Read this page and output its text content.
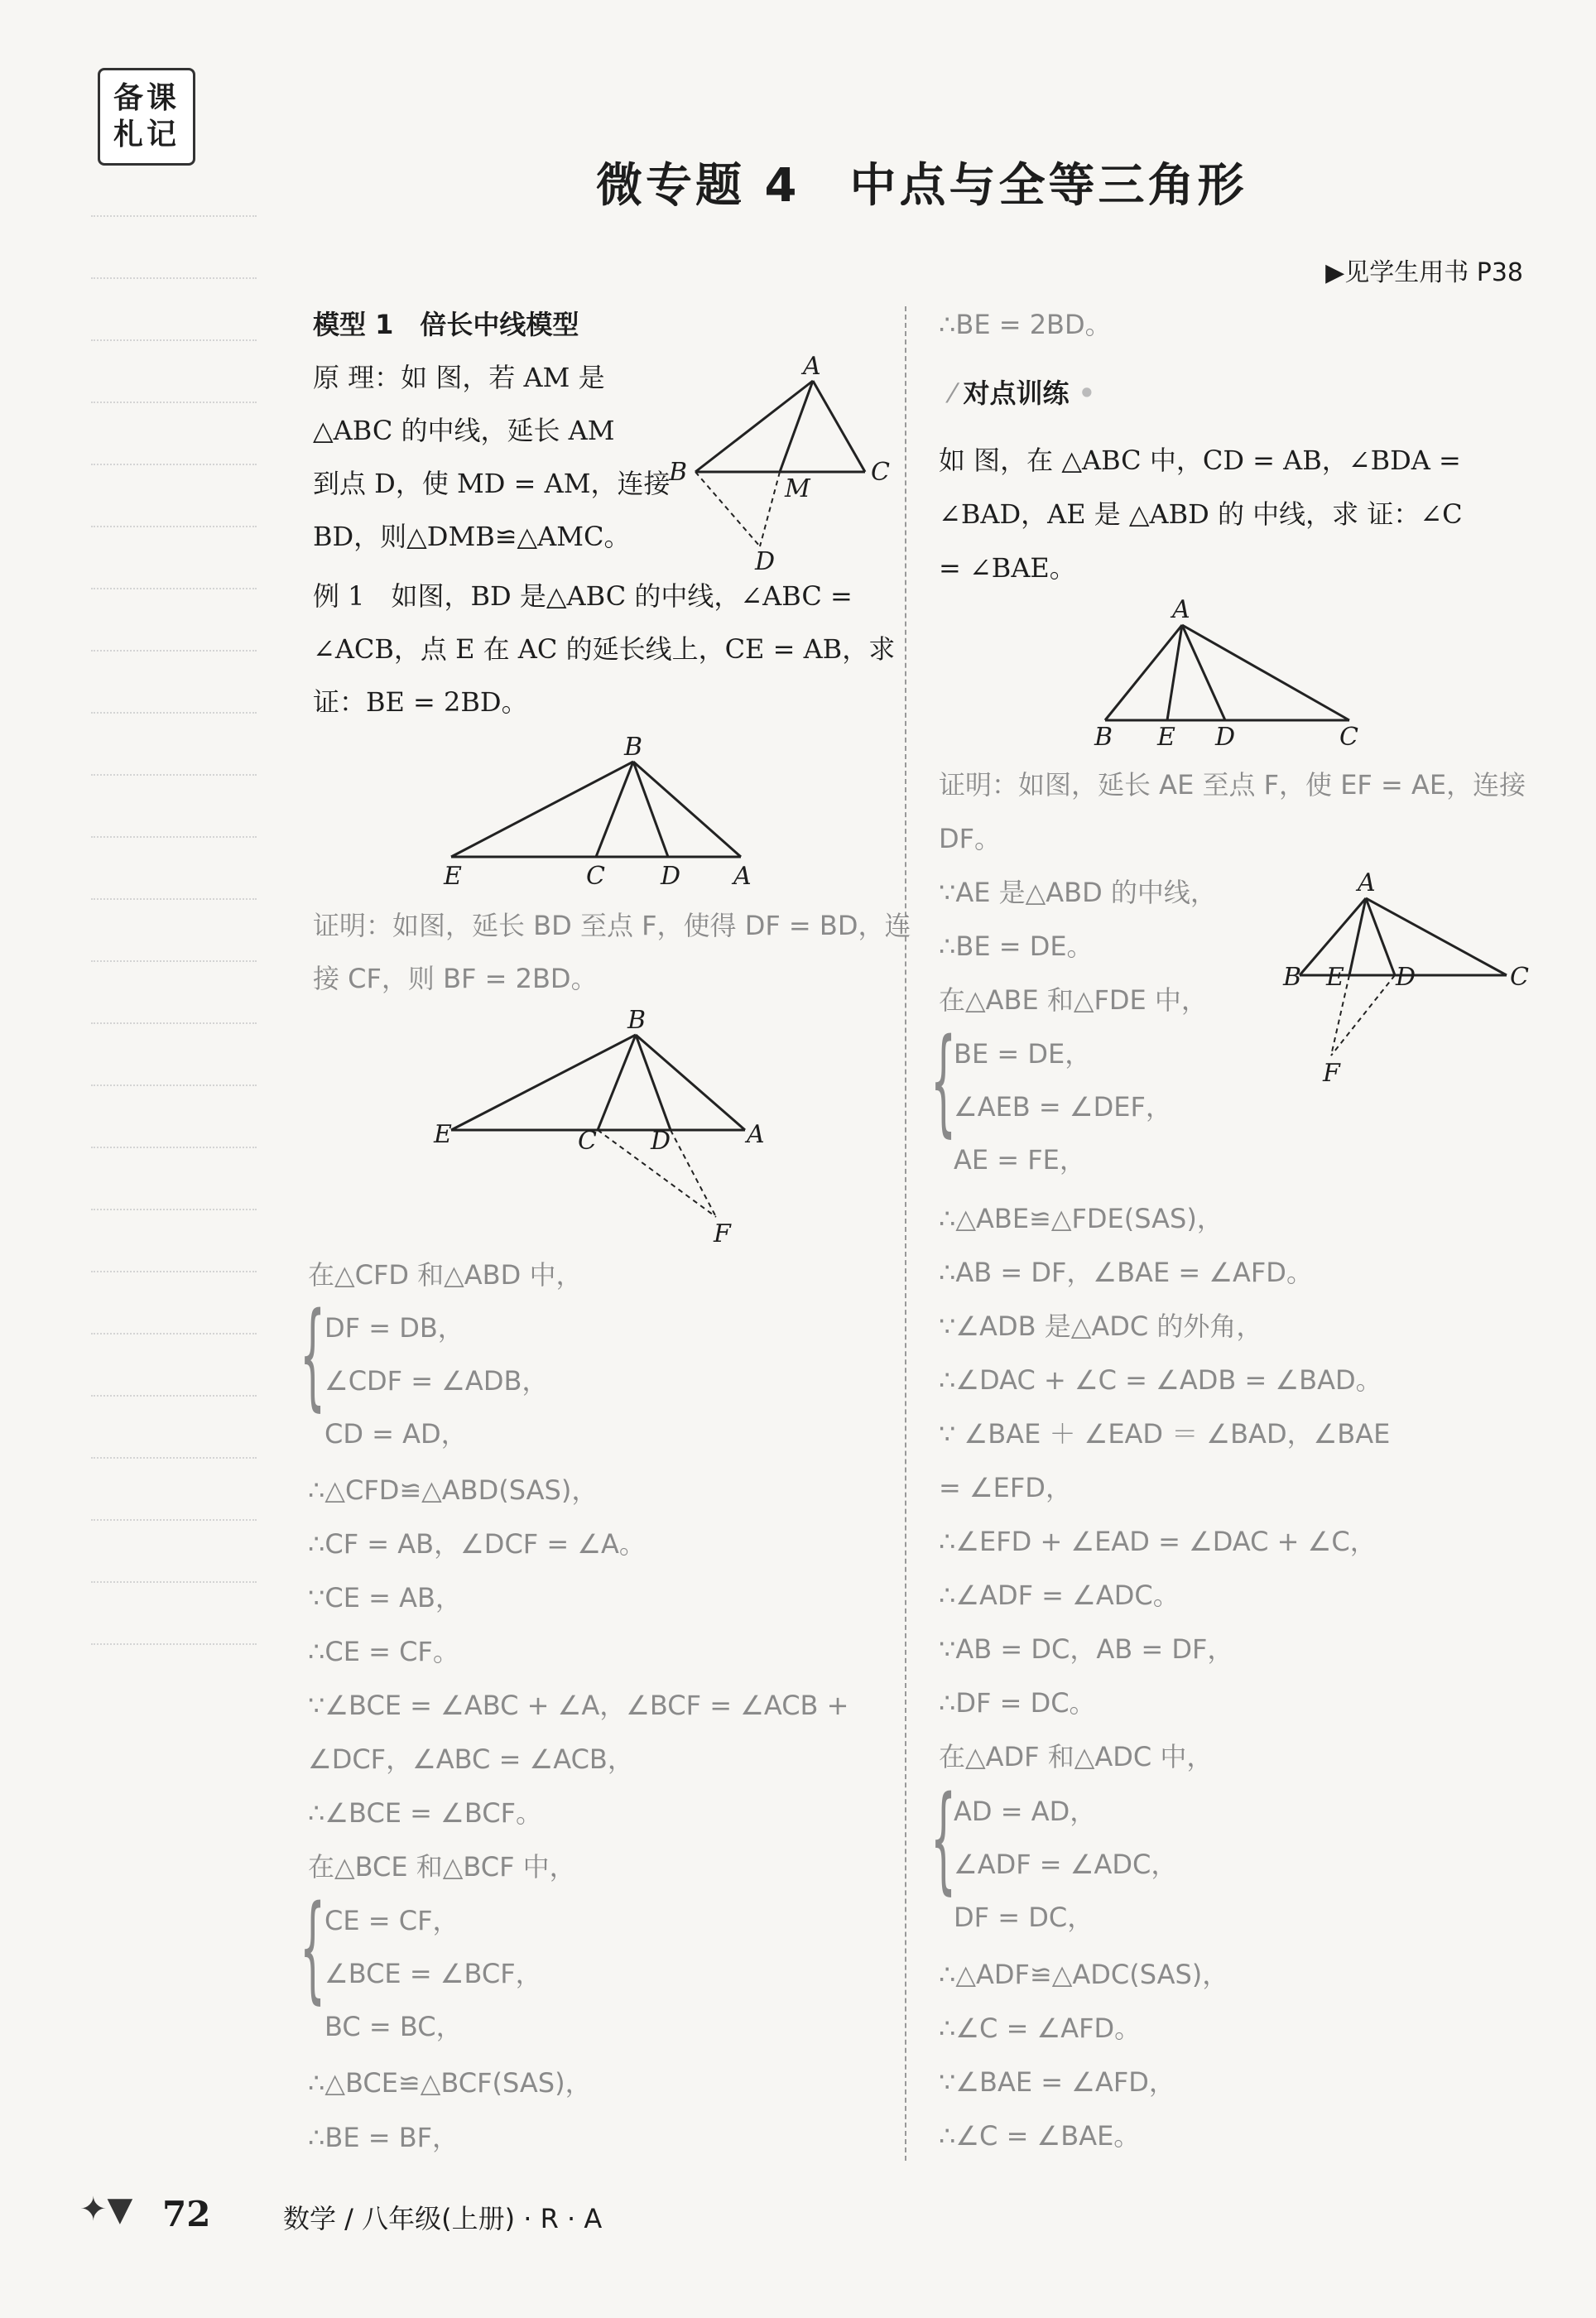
备课
札记
微专题 4　中点与全等三角形
▶见学生用书 P38
模型 1　倍长中线模型
原 理：如 图，若 AM 是
△ABC 的中线，延长 AM
到点 D，使 MD = AM，连接
BD，则△DMB≌△AMC。
A
B	C
M
D
例 1　如图，BD 是△ABC 的中线，∠ABC =
∠ACB，点 E 在 AC 的延长线上，CE = AB，求
证：BE = 2BD。
B
E	C D A
证明：如图，延长 BD 至点 F，使得 DF = BD，连
接 CF，则 BF = 2BD。
B
E	C D	A
F
在△CFD 和△ABD 中，
{
DF = DB，
∠CDF = ∠ADB，
CD = AD，
∴△CFD≌△ABD(SAS)，
∴CF = AB，∠DCF = ∠A。
∵CE = AB，
∴CE = CF。
∵∠BCE = ∠ABC + ∠A，∠BCF = ∠ACB +
∠DCF，∠ABC = ∠ACB，
∴∠BCE = ∠BCF。
在△BCE 和△BCF 中，
{
CE = CF，
∠BCE = ∠BCF，
BC = BC，
∴△BCE≌△BCF(SAS)，
∴BE = BF，
∴BE = 2BD。
⁄ 对点训练 •
如 图，在 △ABC 中，CD = AB，∠BDA =
∠BAD，AE 是 △ABD 的 中线，求 证：∠C
= ∠BAE。
A
B E D	C
证明：如图，延长 AE 至点 F，使 EF = AE，连接
DF。
∵AE 是△ABD 的中线，
∴BE = DE。
在△ABE 和△FDE 中，
A
B E D	C
F
{
BE = DE，
∠AEB = ∠DEF，
AE = FE，
∴△ABE≌△FDE(SAS)，
∴AB = DF，∠BAE = ∠AFD。
∵∠ADB 是△ADC 的外角，
∴∠DAC + ∠C = ∠ADB = ∠BAD。
∵ ∠BAE ＋ ∠EAD ＝ ∠BAD，∠BAE
= ∠EFD，
∴∠EFD + ∠EAD = ∠DAC + ∠C，
∴∠ADF = ∠ADC。
∵AB = DC，AB = DF，
∴DF = DC。
在△ADF 和△ADC 中，
{
AD = AD，
∠ADF = ∠ADC，
DF = DC，
∴△ADF≌△ADC(SAS)，
∴∠C = ∠AFD。
∵∠BAE = ∠AFD，
∴∠C = ∠BAE。
✦▼ 72	数学 / 八年级(上册) · R · A
